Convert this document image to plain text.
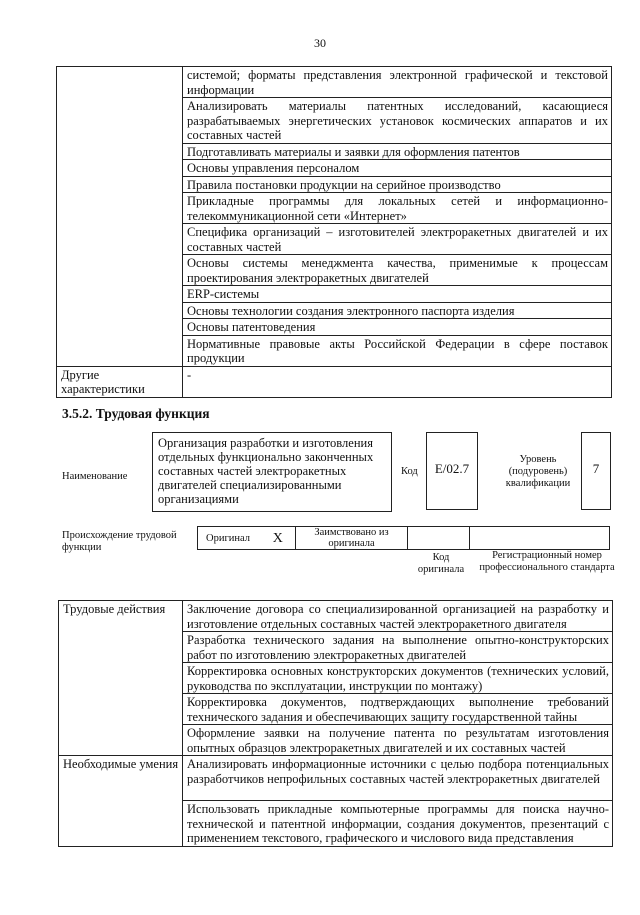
30
	системой; форматы представления электронной графической и текстовой информации
	Анализировать материалы патентных исследований, касающиеся разрабатываемых энергетических установок космических аппаратов и их составных частей
	Подготавливать материалы и заявки для оформления патентов
	Основы управления персоналом
	Правила постановки продукции на серийное производство
	Прикладные программы для локальных сетей и информационно-телекоммуникационной сети «Интернет»
	Специфика организаций – изготовителей электроракетных двигателей и их составных частей
	Основы системы менеджмента качества, применимые к процессам проектирования электроракетных двигателей
	ERP-системы
	Основы технологии создания электронного паспорта изделия
	Основы патентоведения
	Нормативные правовые акты Российской Федерации в сфере поставок продукции
Другие характеристики	-
3.5.2. Трудовая функция
Наименование
Организация разработки и изготовления отдельных функционально законченных составных частей электроракетных двигателей специализированными организациями
Код	E/02.7
Уровень (подуровень) квалификации
7
Происхождение трудовой функции
Оригинал	X	Заимствовано из оригинала		
Код оригинала
Регистрационный номер профессионального стандарта
Трудовые действия	Заключение договора со специализированной организацией на разработку и изготовление отдельных составных частей электроракетного двигателя
	Разработка технического задания на выполнение опытно-конструкторских работ по изготовлению электроракетных двигателей
	Корректировка основных конструкторских документов (технических условий, руководства по эксплуатации, инструкции по монтажу)
	Корректировка документов, подтверждающих выполнение требований технического задания и обеспечивающих защиту государственной тайны
	Оформление заявки на получение патента по результатам изготовления опытных образцов электроракетных двигателей и их составных частей
Необходимые умения	Анализировать информационные источники с целью подбора потенциальных разработчиков непрофильных составных частей электроракетных двигателей
	Использовать прикладные компьютерные программы для поиска научно-технической и патентной информации, создания документов, презентаций с применением текстового, графического и числового вида представления
